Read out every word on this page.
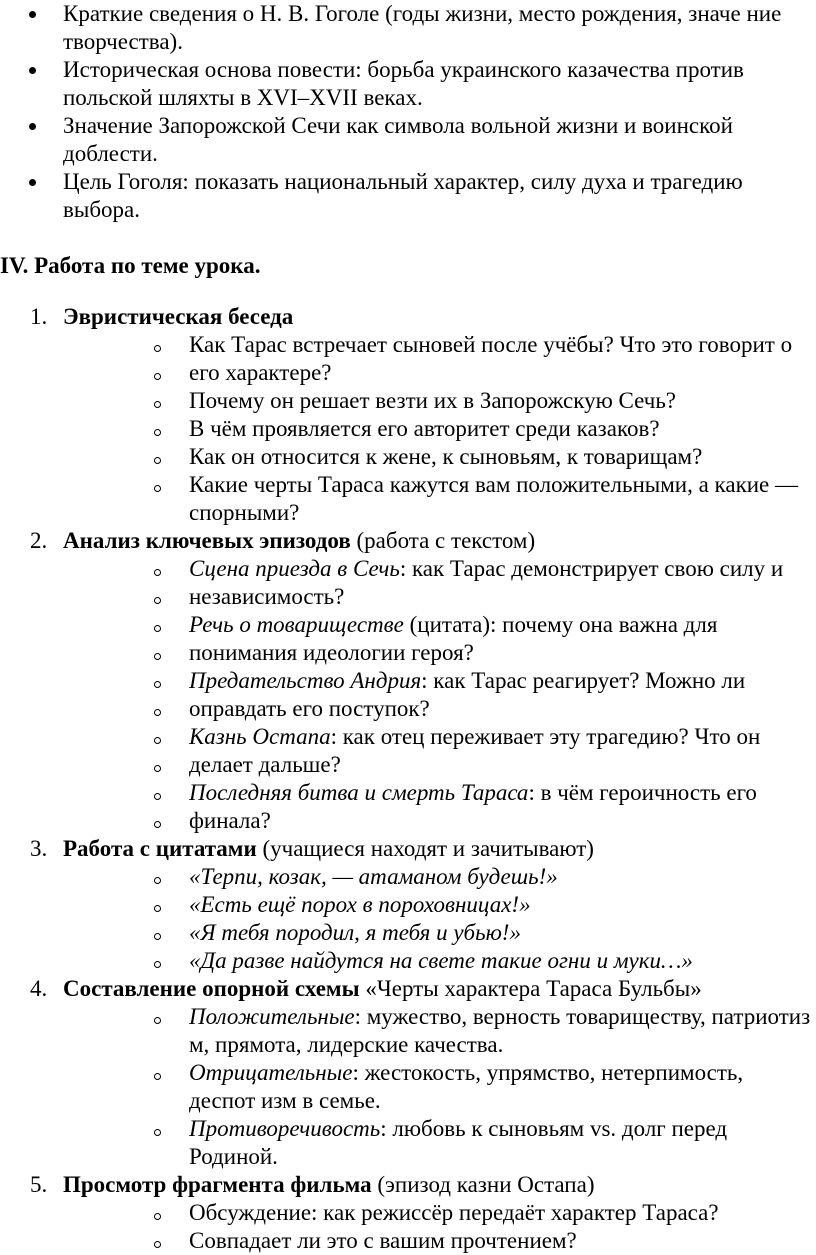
Краткие сведения о Н. В. Гоголе (годы жизни, место рождения, значе ние творчества).
Историческая основа повести: борьба украинского казачества против польской шляхты в XVI–XVII веках.
Значение Запорожской Сечи как символа вольной жизни и воинской доблести.
Цель Гоголя: показать национальный характер, силу духа и трагедию выбора.
IV. Работа по теме урока.
1. Эвристическая беседа
Как Тарас встречает сыновей после учёбы? Что это говорит о
его характере?
Почему он решает везти их в Запорожскую Сечь?
В чём проявляется его авторитет среди казаков?
Как он относится к жене, к сыновьям, к товарищам?
Какие черты Тараса кажутся вам положительными, а какие — спорными?
2. Анализ ключевых эпизодов (работа с текстом)
Сцена приезда в Сечь: как Тарас демонстрирует свою силу и
независимость?
Речь о товариществе (цитата): почему она важна для
понимания идеологии героя?
Предательство Андрия: как Тарас реагирует? Можно ли
оправдать его поступок?
Казнь Остапа: как отец переживает эту трагедию? Что он
делает дальше?
Последняя битва и смерть Тараса: в чём героичность его
финала?
3. Работа с цитатами (учащиеся находят и зачитывают)
«Терпи, козак, — атаманом будешь!»
«Есть ещё порох в пороховницах!»
«Я тебя породил, я тебя и убью!»
«Да разве найдутся на свете такие огни и муки…»
4. Составление опорной схемы «Черты характера Тараса Бульбы»
Положительные: мужество, верность товариществу, патриотиз м, прямота, лидерские качества.
Отрицательные: жестокость, упрямство, нетерпимость, деспот изм в семье.
Противоречивость: любовь к сыновьям vs. долг перед Родиной.
5. Просмотр фрагмента фильма (эпизод казни Остапа)
Обсуждение: как режиссёр передаёт характер Тараса?
Совпадает ли это с вашим прочтением?
